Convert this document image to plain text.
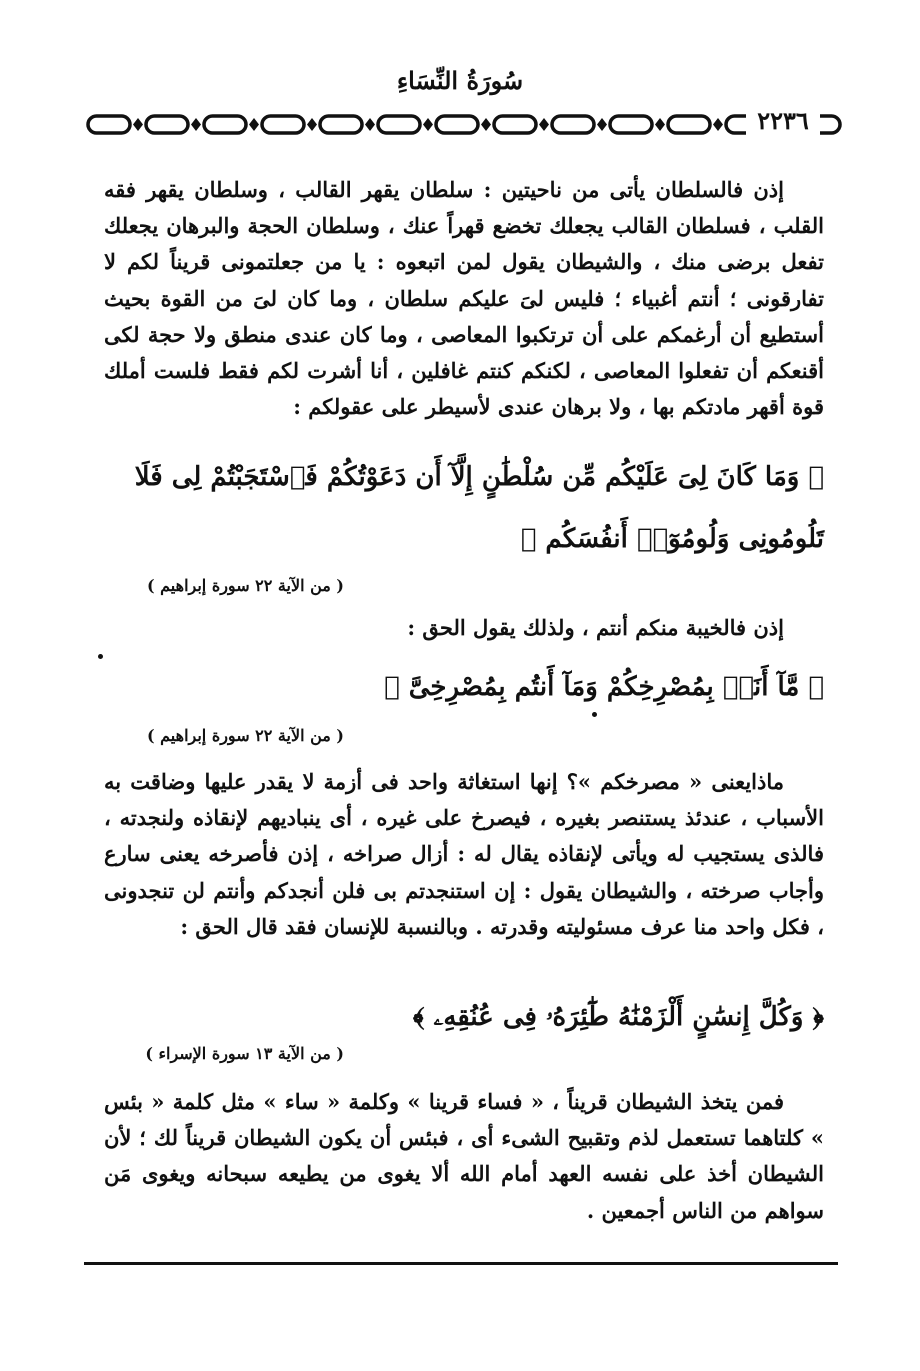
سُورَةُ النِّسَاءِ
٢٢٣٦

إذن فالسلطان يأتى من ناحيتين : سلطان يقهر القالب ، وسلطان يقهر فقه القلب ، فسلطان القالب يجعلك تخضع قهراً عنك ، وسلطان الحجة والبرهان يجعلك تفعل برضى منك ، والشيطان يقول لمن اتبعوه : يا من جعلتمونى قريناً لكم لا تفارقونى ؛ أنتم أغبياء ؛ فليس لىَ عليكم سلطان ، وما كان لىَ من القوة بحيث أستطيع أن أرغمكم على أن ترتكبوا المعاصى ، وما كان عندى منطق ولا حجة لكى أقنعكم أن تفعلوا المعاصى ، لكنكم كنتم غافلين ، أنا أشرت لكم فقط فلست أملك قوة أقهر مادتكم بها ، ولا برهان عندى لأسيطر على عقولكم :

﴿ وَمَا كَانَ لِىَ عَلَيْكُم مِّن سُلْطَٰنٍ إِلَّآ أَن دَعَوْتُكُمْ فَٱسْتَجَبْتُمْ لِى فَلَا تَلُومُونِى وَلُومُوٓا۟ أَنفُسَكُم ﴾

( من الآية ٢٢ سورة إبراهيم )

إذن فالخيبة منكم أنتم ، ولذلك يقول الحق :

﴿ مَّآ أَنَا۠ بِمُصْرِخِكُمْ وَمَآ أَنتُم بِمُصْرِخِىَّ ﴾

( من الآية ٢٢ سورة إبراهيم )

ماذايعنى « مصرخكم »؟ إنها استغاثة واحد فى أزمة لا يقدر عليها وضاقت به الأسباب ، عندئذ يستنصر بغيره ، فيصرخ على غيره ، أى ينباديهم لإنقاذه ولنجدته ، فالذى يستجيب له ويأتى لإنقاذه يقال له : أزال صراخه ، إذن فأصرخه يعنى سارع وأجاب صرخته ، والشيطان يقول : إن استنجدتم بى فلن أنجدكم وأنتم لن تنجدونى ، فكل واحد منا عرف مسئوليته وقدرته . وبالنسبة للإنسان فقد قال الحق :

﴿ وَكُلَّ إِنسَٰنٍ أَلْزَمْنَٰهُ طَٰٓئِرَهُۥ فِى عُنُقِهِۦ ﴾

( من الآية ١٣ سورة الإسراء )

فمن يتخذ الشيطان قريناً ، « فساء قرينا » وكلمة « ساء » مثل كلمة « بئس » كلتاهما تستعمل لذم وتقبيح الشىء أى ، فبئس أن يكون الشيطان قريناً لك ؛ لأن الشيطان أخذ على نفسه العهد أمام الله ألا يغوى من يطيعه سبحانه ويغوى مَن سواهم من الناس أجمعين .
